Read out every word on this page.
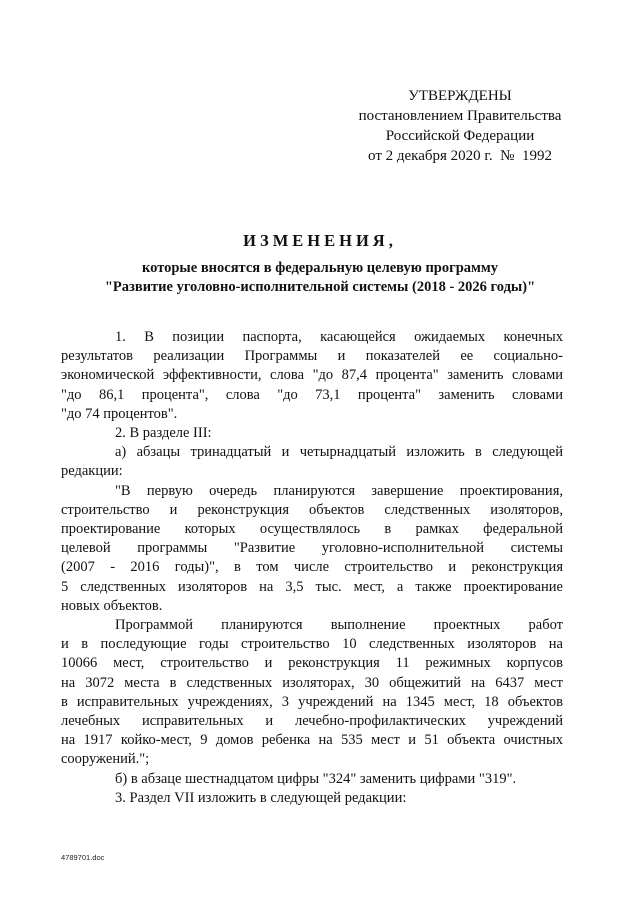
УТВЕРЖДЕНЫ
постановлением Правительства
Российской Федерации
от 2 декабря 2020 г.  №  1992
ИЗМЕНЕНИЯ,
которые вносятся в федеральную целевую программу
"Развитие уголовно-исполнительной системы (2018 - 2026 годы)"
1. В позиции паспорта, касающейся ожидаемых конечных
результатов реализации Программы и показателей ее социально-
экономической эффективности, слова "до 87,4 процента" заменить словами
"до 86,1 процента", слова "до 73,1 процента" заменить словами
"до 74 процентов".
2. В разделе III:
а) абзацы тринадцатый и четырнадцатый изложить в следующей
редакции:
"В первую очередь планируются завершение проектирования,
строительство и реконструкция объектов следственных изоляторов,
проектирование которых осуществлялось в рамках федеральной
целевой программы "Развитие уголовно-исполнительной системы
(2007 - 2016 годы)", в том числе строительство и реконструкция
5 следственных изоляторов на 3,5 тыс. мест, а также проектирование
новых объектов.
Программой планируются выполнение проектных работ
и в последующие годы строительство 10 следственных изоляторов на
10066 мест, строительство и реконструкция 11 режимных корпусов
на 3072 места в следственных изоляторах, 30 общежитий на 6437 мест
в исправительных учреждениях, 3 учреждений на 1345 мест, 18 объектов
лечебных исправительных и лечебно-профилактических учреждений
на 1917 койко-мест, 9 домов ребенка на 535 мест и 51 объекта очистных
сооружений.";
б) в абзаце шестнадцатом цифры "324" заменить цифрами "319".
3. Раздел VII изложить в следующей редакции:
4789701.doc
